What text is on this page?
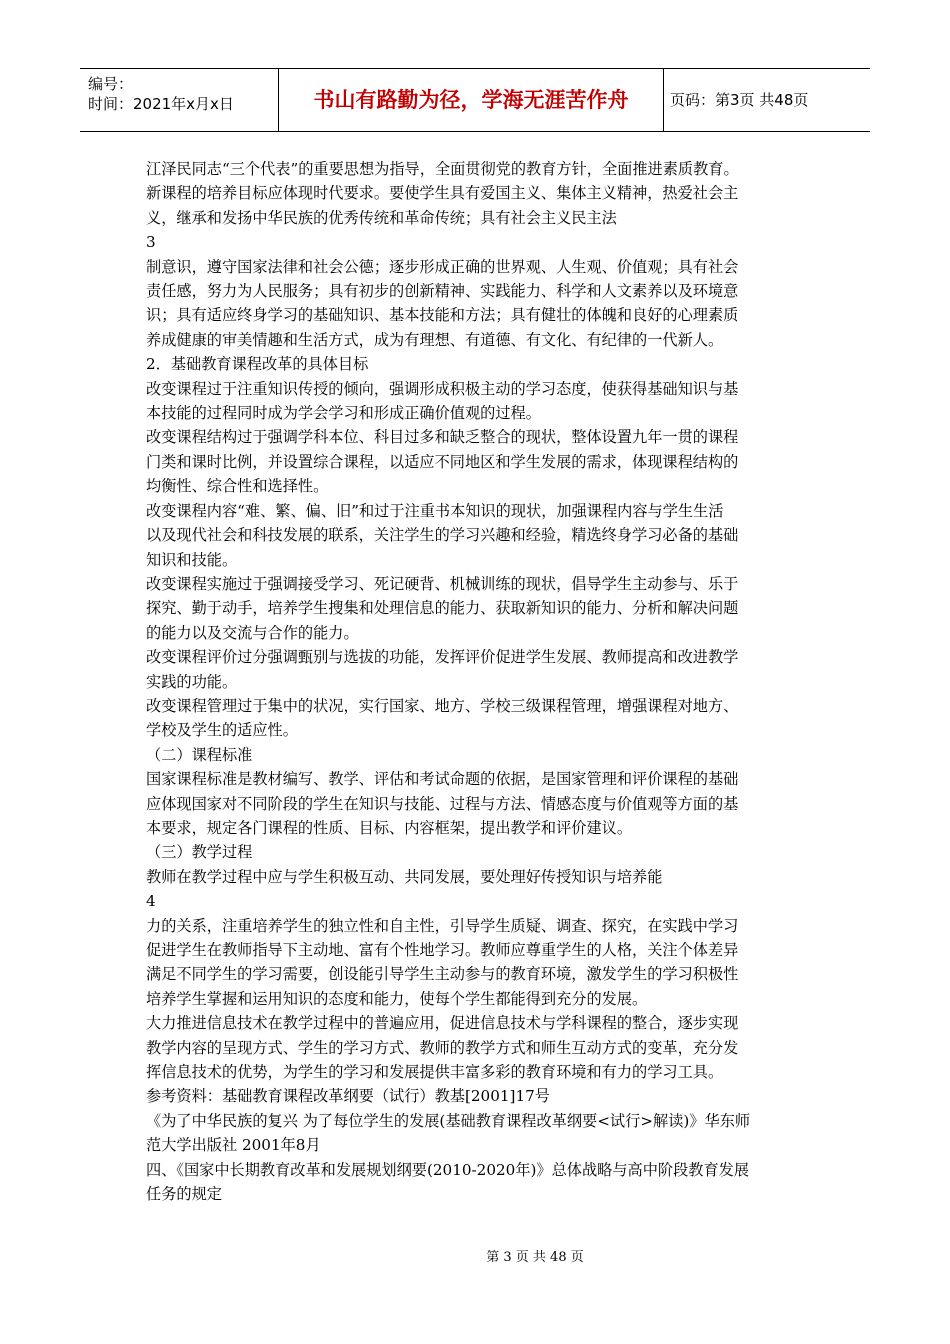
编号：
时间：2021年x月x日	书山有路勤为径，学海无涯苦作舟	页码：第3页 共48页

江泽民同志“三个代表”的重要思想为指导，全面贯彻党的教育方针，全面推进素质教育。

新课程的培养目标应体现时代要求。要使学生具有爱国主义、集体主义精神，热爱社会主

义，继承和发扬中华民族的优秀传统和革命传统；具有社会主义民主法

3

制意识，遵守国家法律和社会公德；逐步形成正确的世界观、人生观、价值观；具有社会

责任感，努力为人民服务；具有初步的创新精神、实践能力、科学和人文素养以及环境意

识；具有适应终身学习的基础知识、基本技能和方法；具有健壮的体魄和良好的心理素质

养成健康的审美情趣和生活方式，成为有理想、有道德、有文化、有纪律的一代新人。

2．基础教育课程改革的具体目标

改变课程过于注重知识传授的倾向，强调形成积极主动的学习态度，使获得基础知识与基

本技能的过程同时成为学会学习和形成正确价值观的过程。

改变课程结构过于强调学科本位、科目过多和缺乏整合的现状，整体设置九年一贯的课程

门类和课时比例，并设置综合课程，以适应不同地区和学生发展的需求，体现课程结构的

均衡性、综合性和选择性。

改变课程内容“难、繁、偏、旧”和过于注重书本知识的现状，加强课程内容与学生生活

以及现代社会和科技发展的联系，关注学生的学习兴趣和经验，精选终身学习必备的基础

知识和技能。

改变课程实施过于强调接受学习、死记硬背、机械训练的现状，倡导学生主动参与、乐于

探究、勤于动手，培养学生搜集和处理信息的能力、获取新知识的能力、分析和解决问题

的能力以及交流与合作的能力。

改变课程评价过分强调甄别与选拔的功能，发挥评价促进学生发展、教师提高和改进教学

实践的功能。

改变课程管理过于集中的状况，实行国家、地方、学校三级课程管理，增强课程对地方、

学校及学生的适应性。

（二）课程标准

国家课程标准是教材编写、教学、评估和考试命题的依据，是国家管理和评价课程的基础

应体现国家对不同阶段的学生在知识与技能、过程与方法、情感态度与价值观等方面的基

本要求，规定各门课程的性质、目标、内容框架，提出教学和评价建议。

（三）教学过程

教师在教学过程中应与学生积极互动、共同发展，要处理好传授知识与培养能

4

力的关系，注重培养学生的独立性和自主性，引导学生质疑、调查、探究，在实践中学习

促进学生在教师指导下主动地、富有个性地学习。教师应尊重学生的人格，关注个体差异

满足不同学生的学习需要，创设能引导学生主动参与的教育环境，激发学生的学习积极性

培养学生掌握和运用知识的态度和能力，使每个学生都能得到充分的发展。

大力推进信息技术在教学过程中的普遍应用，促进信息技术与学科课程的整合，逐步实现

教学内容的呈现方式、学生的学习方式、教师的教学方式和师生互动方式的变革，充分发

挥信息技术的优势，为学生的学习和发展提供丰富多彩的教育环境和有力的学习工具。

参考资料：基础教育课程改革纲要（试行）教基[2001]17号

《为了中华民族的复兴 为了每位学生的发展(基础教育课程改革纲要<试行>解读)》华东师

范大学出版社 2001年8月

四、《国家中长期教育改革和发展规划纲要(2010-2020年)》总体战略与高中阶段教育发展

任务的规定

第 3 页 共 48 页
